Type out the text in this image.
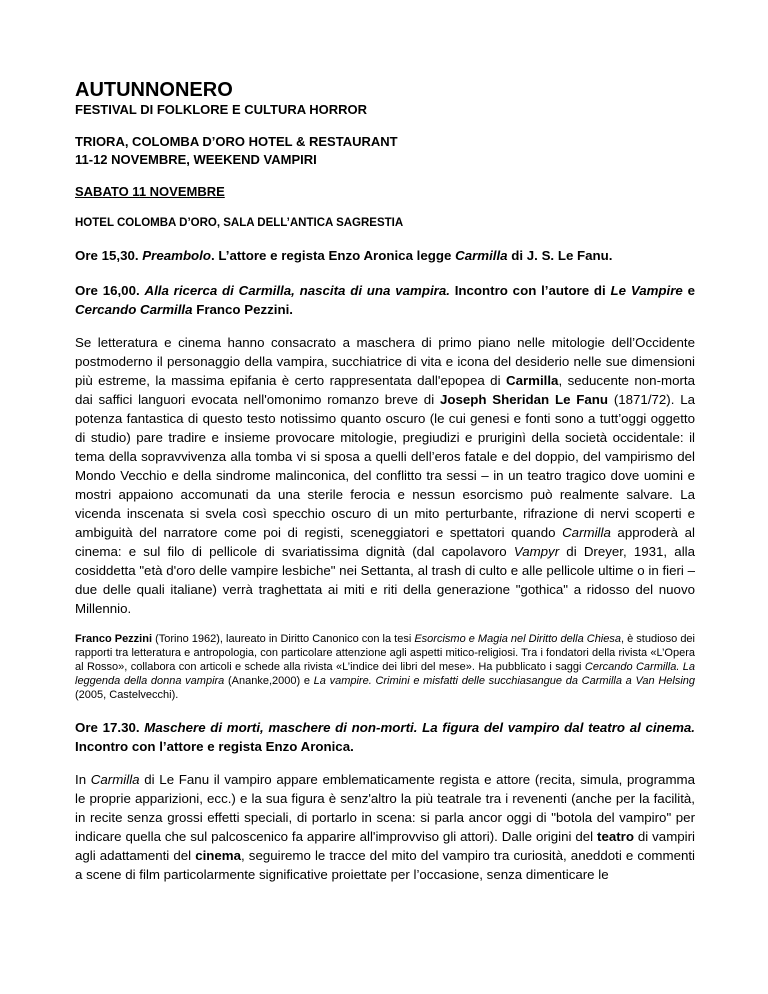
AUTUNNONERO
FESTIVAL DI FOLKLORE E CULTURA HORROR
TRIORA, COLOMBA D’ORO HOTEL & RESTAURANT
11-12 NOVEMBRE, WEEKEND VAMPIRI
SABATO 11 NOVEMBRE
HOTEL COLOMBA D’ORO, SALA DELL’ANTICA SAGRESTIA
Ore 15,30. Preambolo. L’attore e regista Enzo Aronica legge Carmilla di J. S. Le Fanu.
Ore 16,00. Alla ricerca di Carmilla, nascita di una vampira. Incontro con l’autore di Le Vampire e Cercando Carmilla Franco Pezzini.
Se letteratura e cinema hanno consacrato a maschera di primo piano nelle mitologie dell’Occidente postmoderno il personaggio della vampira, succhiatrice di vita e icona del desiderio nelle sue dimensioni più estreme, la massima epifania è certo rappresentata dall'epopea di Carmilla, seducente non-morta dai saffici languori evocata nell'omonimo romanzo breve di Joseph Sheridan Le Fanu (1871/72). La potenza fantastica di questo testo notissimo quanto oscuro (le cui genesi e fonti sono a tutt’oggi oggetto di studio) pare tradire e insieme provocare mitologie, pregiudizi e pruriginì della società occidentale: il tema della sopravvivenza alla tomba vi si sposa a quelli dell’eros fatale e del doppio, del vampirismo del Mondo Vecchio e della sindrome malinconica, del conflitto tra sessi – in un teatro tragico dove uomini e mostri appaiono accomunati da una sterile ferocia e nessun esorcismo può realmente salvare. La vicenda inscenata si svela così specchio oscuro di un mito perturbante, rifrazione di nervi scoperti e ambiguità del narratore come poi di registi, sceneggiatori e spettatori quando Carmilla approderà al cinema: e sul filo di pellicole di svariatissima dignità (dal capolavoro Vampyr di Dreyer, 1931, alla cosiddetta "età d'oro delle vampire lesbiche" nei Settanta, al trash di culto e alle pellicole ultime o in fieri – due delle quali italiane) verrà traghettata ai miti e riti della generazione "gothica" a ridosso del nuovo Millennio.
Franco Pezzini (Torino 1962), laureato in Diritto Canonico con la tesi Esorcismo e Magia nel Diritto della Chiesa, è studioso dei rapporti tra letteratura e antropologia, con particolare attenzione agli aspetti mitico-religiosi. Tra i fondatori della rivista «L’Opera al Rosso», collabora con articoli e schede alla rivista «L’indice dei libri del mese». Ha pubblicato i saggi Cercando Carmilla. La leggenda della donna vampira (Ananke,2000) e La vampire. Crimini e misfatti delle succhiasangue da Carmilla a Van Helsing (2005, Castelvecchi).
Ore 17.30. Maschere di morti, maschere di non-morti. La figura del vampiro dal teatro al cinema. Incontro con l’attore e regista Enzo Aronica.
In Carmilla di Le Fanu il vampiro appare emblematicamente regista e attore (recita, simula, programma le proprie apparizioni, ecc.) e la sua figura è senz'altro la più teatrale tra i revenenti (anche per la facilità, in recite senza grossi effetti speciali, di portarlo in scena: si parla ancor oggi di "botola del vampiro" per indicare quella che sul palcoscenico fa apparire all'improvviso gli attori). Dalle origini del teatro di vampiri agli adattamenti del cinema, seguiremo le tracce del mito del vampiro tra curiosità, aneddoti e commenti a scene di film particolarmente significative proiettate per l’occasione, senza dimenticare le
